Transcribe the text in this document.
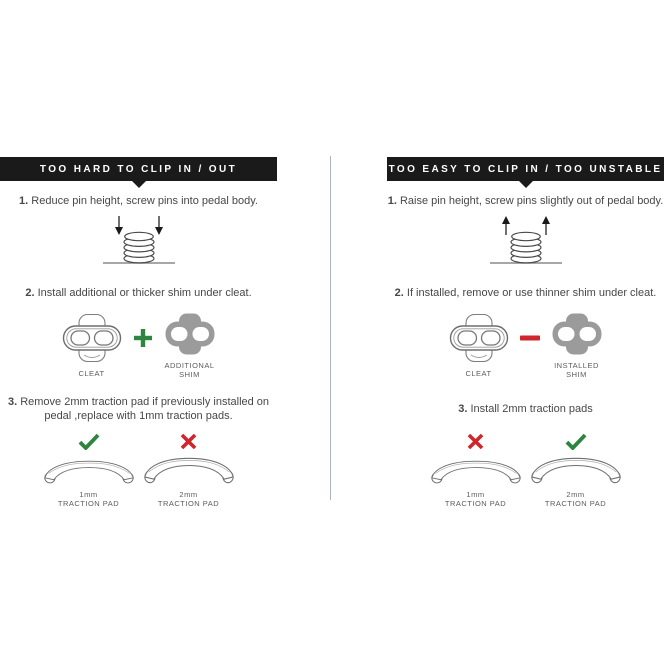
TOO HARD TO CLIP IN / OUT

1. Reduce pin height, screw pins into pedal body.

2. Install additional or thicker shim under cleat.

CLEAT
ADDITIONAL
SHIM

3. Remove 2mm traction pad if previously installed on
pedal ,replace with 1mm traction pads.

1mm
TRACTION PAD
2mm
TRACTION PAD
TOO EASY TO CLIP IN / TOO UNSTABLE

1. Raise pin height, screw pins slightly out of pedal body.

2. If installed, remove or use thinner shim under cleat.

CLEAT
INSTALLED
SHIM

3.
Install 2mm traction pads

1mm
TRACTION PAD
2mm
TRACTION PAD
